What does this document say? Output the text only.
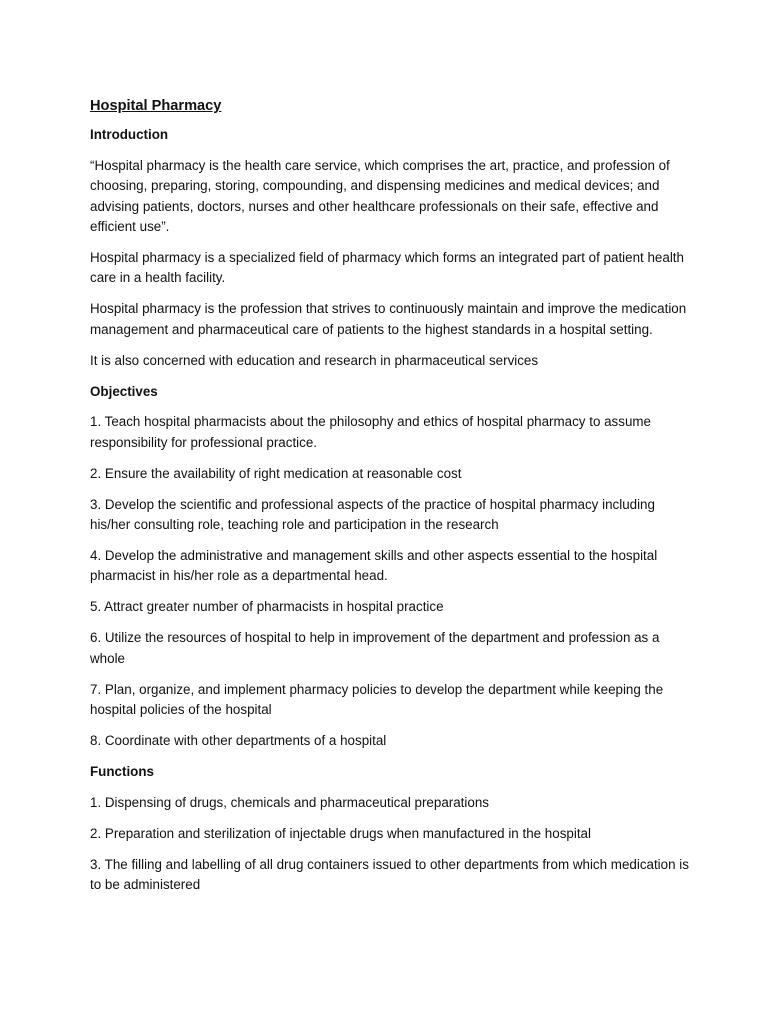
Hospital Pharmacy
Introduction

“Hospital pharmacy is the health care service, which comprises the art, practice, and profession of choosing, preparing, storing, compounding, and dispensing medicines and medical devices; and advising patients, doctors, nurses and other healthcare professionals on their safe, effective and efficient use”.

Hospital pharmacy is a specialized field of pharmacy which forms an integrated part of patient health care in a health facility.

Hospital pharmacy is the profession that strives to continuously maintain and improve the medication management and pharmaceutical care of patients to the highest standards in a hospital setting.

It is also concerned with education and research in pharmaceutical services

Objectives

1. Teach hospital pharmacists about the philosophy and ethics of hospital pharmacy to assume responsibility for professional practice.

2. Ensure the availability of right medication at reasonable cost

3. Develop the scientific and professional aspects of the practice of hospital pharmacy including his/her consulting role, teaching role and participation in the research

4. Develop the administrative and management skills and other aspects essential to the hospital pharmacist in his/her role as a departmental head.

5. Attract greater number of pharmacists in hospital practice

6. Utilize the resources of hospital to help in improvement of the department and profession as a whole

7. Plan, organize, and implement pharmacy policies to develop the department while keeping the hospital policies of the hospital

8. Coordinate with other departments of a hospital

Functions

1. Dispensing of drugs, chemicals and pharmaceutical preparations

2. Preparation and sterilization of injectable drugs when manufactured in the hospital

3. The filling and labelling of all drug containers issued to other departments from which medication is to be administered
